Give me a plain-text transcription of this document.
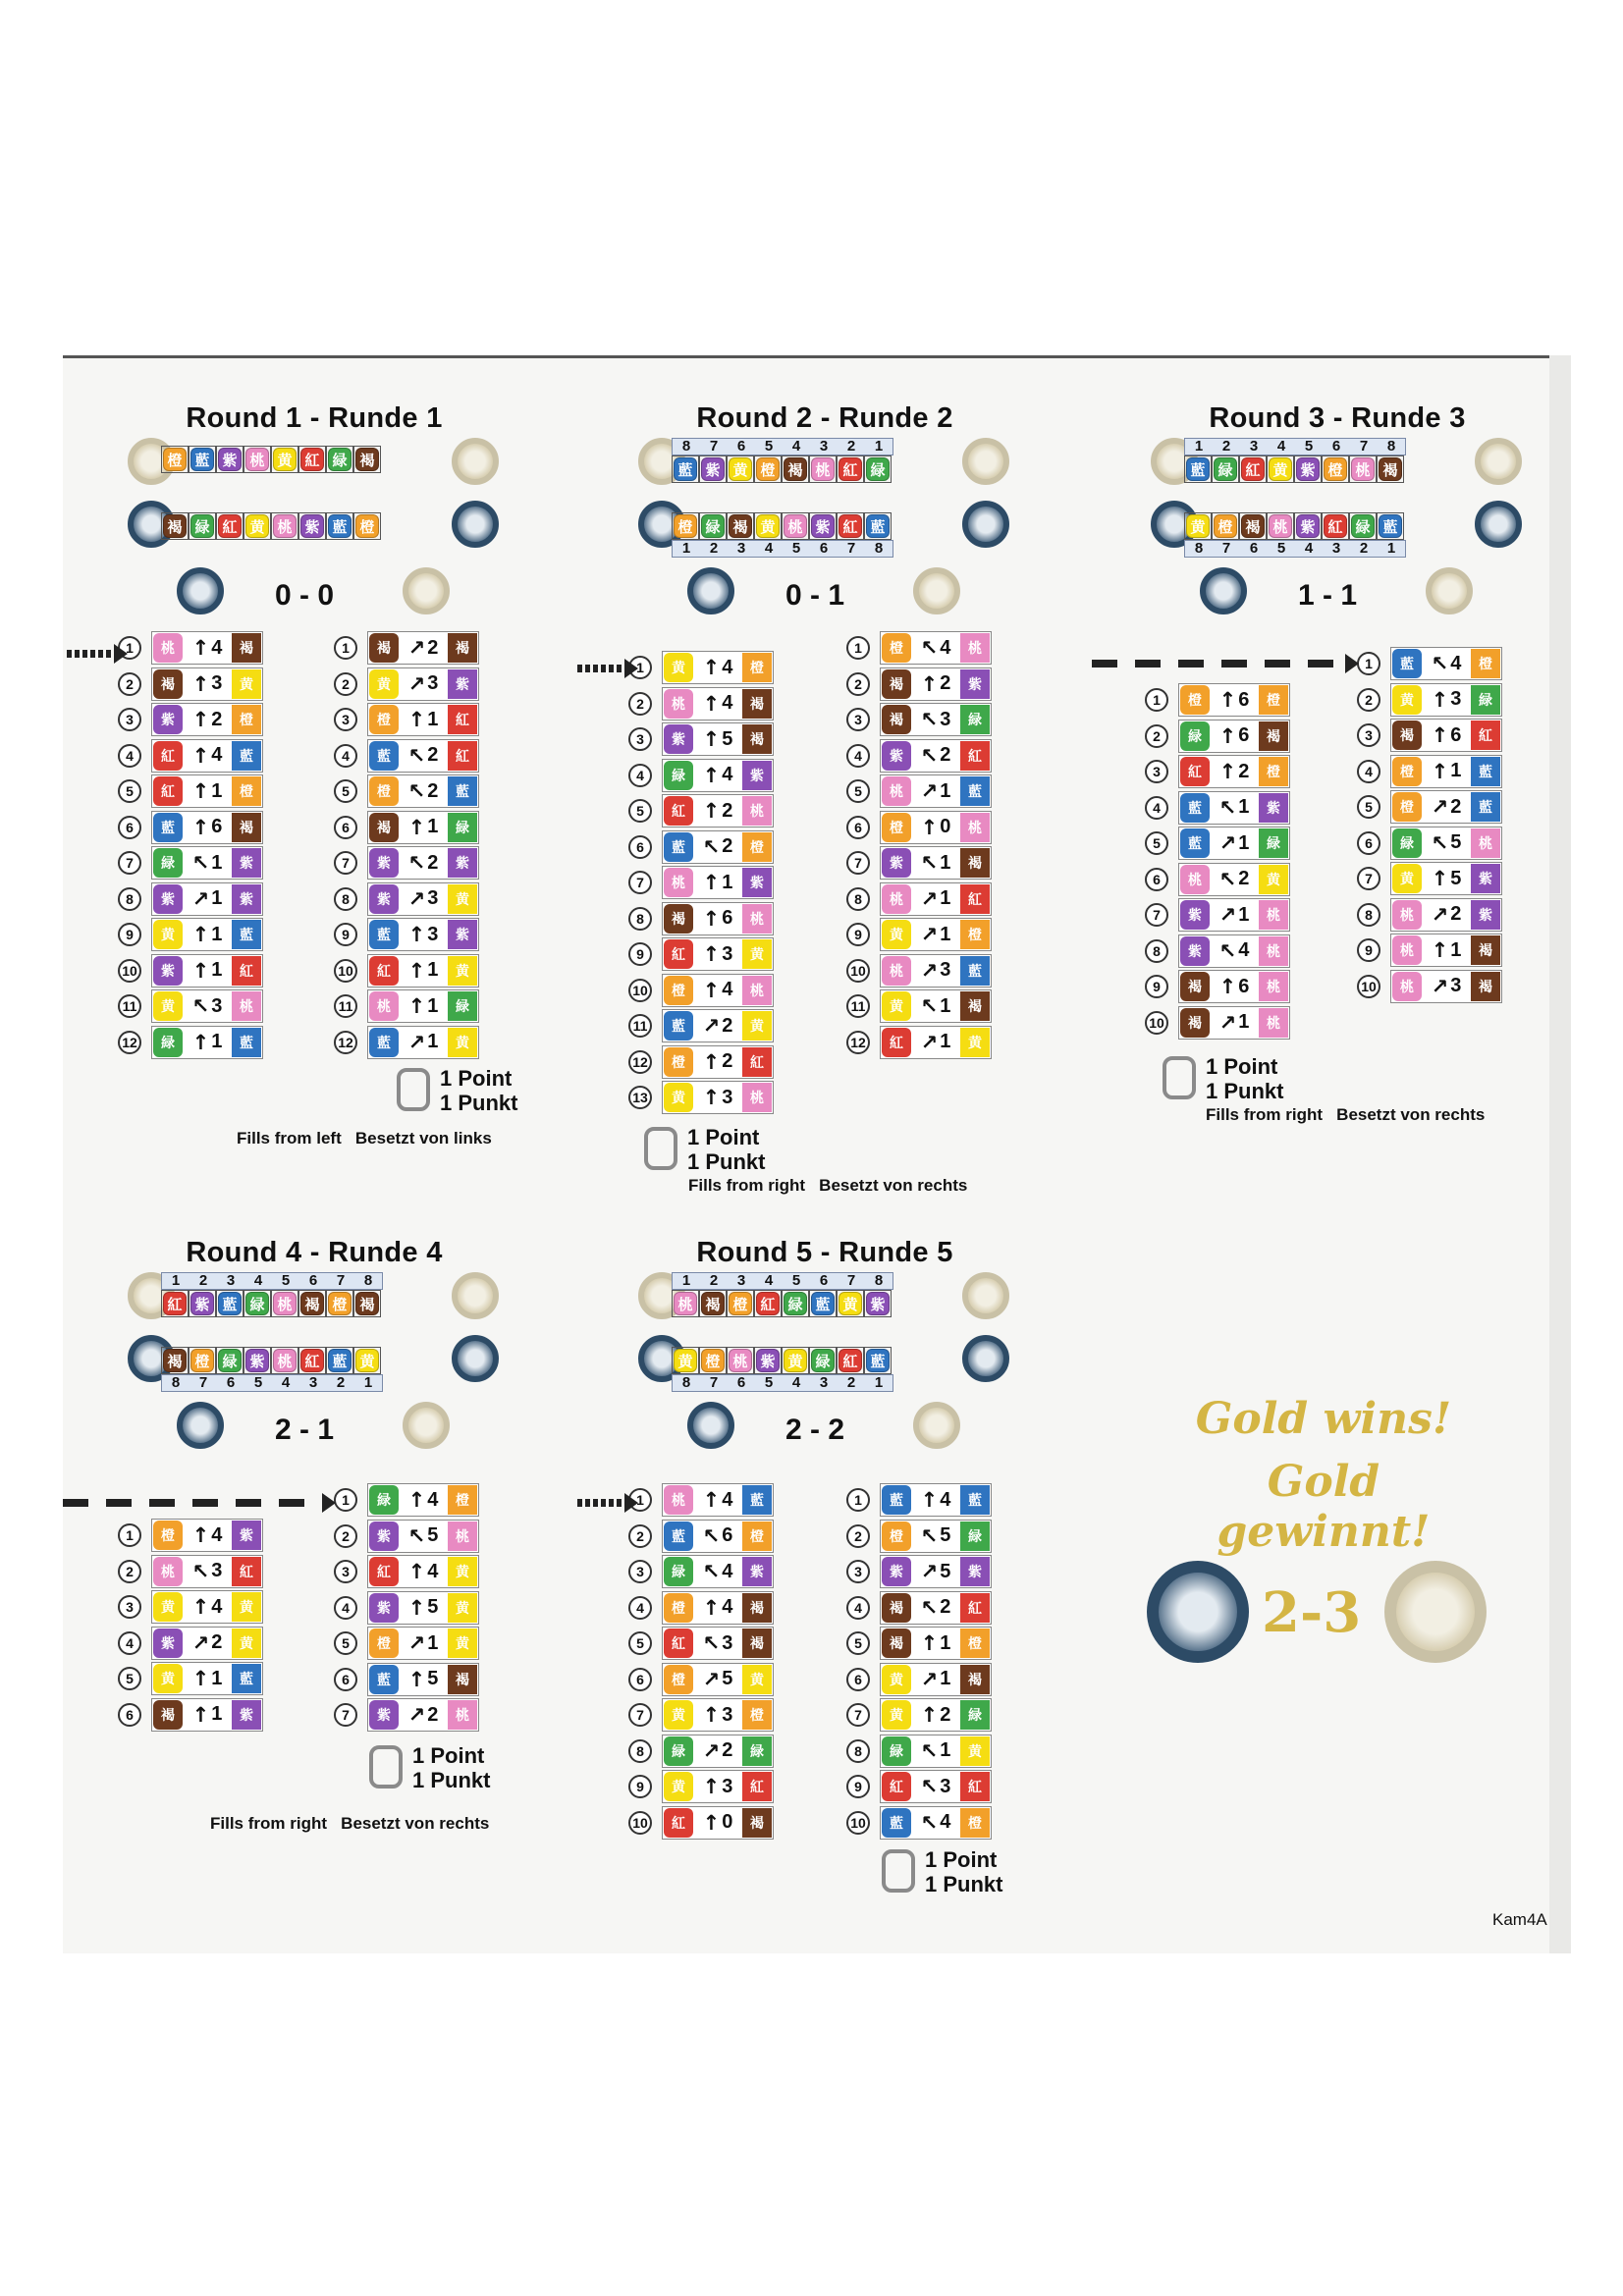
Round 1 - Runde 1
橙 藍 紫 桃 黄 紅 緑 褐
褐 緑 紅 黄 桃 紫 藍 橙
0 - 0
1	桃 ↑ 4	褐
2	褐 ↑ 3	黄
3	紫 ↑ 2	橙
4	紅 ↑ 4	藍
5	紅 ↑ 1	橙
6	藍 ↑ 6	褐
7	緑 ↖ 1	紫
8	紫 ↗ 1	紫
9	黄 ↑ 1	藍
10	紫 ↑ 1	紅
11	黄 ↖ 3	桃
12	緑 ↑ 1	藍
1	褐 ↗ 2	褐
2	黄 ↗ 3	紫
3	橙 ↑ 1	紅
4	藍 ↖ 2	紅
5	橙 ↖ 2	藍
6	褐 ↑ 1	緑
7	紫 ↖ 2	紫
8	紫 ↗ 3	黄
9	藍 ↑ 3	紫
10	紅 ↑ 1	黄
11	桃 ↑ 1	緑
12	藍 ↗ 1	黄
1 Point
1 Punkt
Fills from left   Besetzt von links
Round 2 - Runde 2
8	7	6	5	4	3	2	1
藍 紫 黄 橙 褐 桃 紅 緑
橙 緑 褐 黄 桃 紫 紅 藍
1	2	3	4	5	6	7	8
0 - 1
1	黄 ↑ 4	橙
2	桃 ↑ 4	褐
3	紫 ↑ 5	褐
4	緑 ↑ 4	紫
5	紅 ↑ 2	桃
6	藍 ↖ 2	橙
7	桃 ↑ 1	紫
8	褐 ↑ 6	桃
9	紅 ↑ 3	黄
10	橙 ↑ 4	桃
11	藍 ↗ 2	黄
12	橙 ↑ 2	紅
13	黄 ↑ 3	桃
1	橙 ↖ 4	桃
2	褐 ↑ 2	紫
3	褐 ↖ 3	緑
4	紫 ↖ 2	紅
5	桃 ↗ 1	藍
6	橙 ↑ 0	桃
7	紫 ↖ 1	褐
8	桃 ↗ 1	紅
9	黄 ↗ 1	橙
10	桃 ↗ 3	藍
11	黄 ↖ 1	褐
12	紅 ↗ 1	黄
1 Point
1 Punkt
Fills from right   Besetzt von rechts
Round 3 - Runde 3
1	2	3	4	5	6	7	8
藍 緑 紅 黄 紫 橙 桃 褐
黄 橙 褐 桃 紫 紅 緑 藍
8	7	6	5	4	3	2	1
1 - 1
1	橙 ↑ 6	橙
2	緑 ↑ 6	褐
3	紅 ↑ 2	橙
4	藍 ↖ 1	紫
5	藍 ↗ 1	緑
6	桃 ↖ 2	黄
7	紫 ↗ 1	桃
8	紫 ↖ 4	桃
9	褐 ↑ 6	桃
10	褐 ↗ 1	桃
1	藍 ↖ 4	橙
2	黄 ↑ 3	緑
3	褐 ↑ 6	紅
4	橙 ↑ 1	藍
5	橙 ↗ 2	藍
6	緑 ↖ 5	桃
7	黄 ↑ 5	紫
8	桃 ↗ 2	紫
9	桃 ↑ 1	褐
10	桃 ↗ 3	褐
1 Point
1 Punkt
Fills from right   Besetzt von rechts
Round 4 - Runde 4
1	2	3	4	5	6	7	8
紅 紫 藍 緑 桃 褐 橙 褐
褐 橙 緑 紫 桃 紅 藍 黄
8	7	6	5	4	3	2	1
2 - 1
1	橙 ↑ 4	紫
2	桃 ↖ 3	紅
3	黄 ↑ 4	黄
4	紫 ↗ 2	黄
5	黄 ↑ 1	藍
6	褐 ↑ 1	紫
1	緑 ↑ 4	橙
2	紫 ↖ 5	桃
3	紅 ↑ 4	黄
4	紫 ↑ 5	黄
5	橙 ↗ 1	黄
6	藍 ↑ 5	褐
7	紫 ↗ 2	桃
1 Point
1 Punkt
Fills from right   Besetzt von rechts
Round 5 - Runde 5
1	2	3	4	5	6	7	8
桃 褐 橙 紅 緑 藍 黄 紫
黄 橙 桃 紫 黄 緑 紅 藍
8	7	6	5	4	3	2	1
2 - 2
1	桃 ↑ 4	藍
2	藍 ↖ 6	橙
3	緑 ↖ 4	紫
4	橙 ↑ 4	褐
5	紅 ↖ 3	褐
6	橙 ↗ 5	黄
7	黄 ↑ 3	橙
8	緑 ↗ 2	緑
9	黄 ↑ 3	紅
10	紅 ↑ 0	褐
1	藍 ↑ 4	藍
2	橙 ↖ 5	緑
3	紫 ↗ 5	紫
4	褐 ↖ 2	紅
5	褐 ↑ 1	橙
6	黄 ↗ 1	褐
7	黄 ↑ 2	緑
8	緑 ↖ 1	黄
9	紅 ↖ 3	紅
10	藍 ↖ 4	橙
1 Point
1 Punkt
Gold wins!
Gold gewinnt!
2-3
Kam4A
